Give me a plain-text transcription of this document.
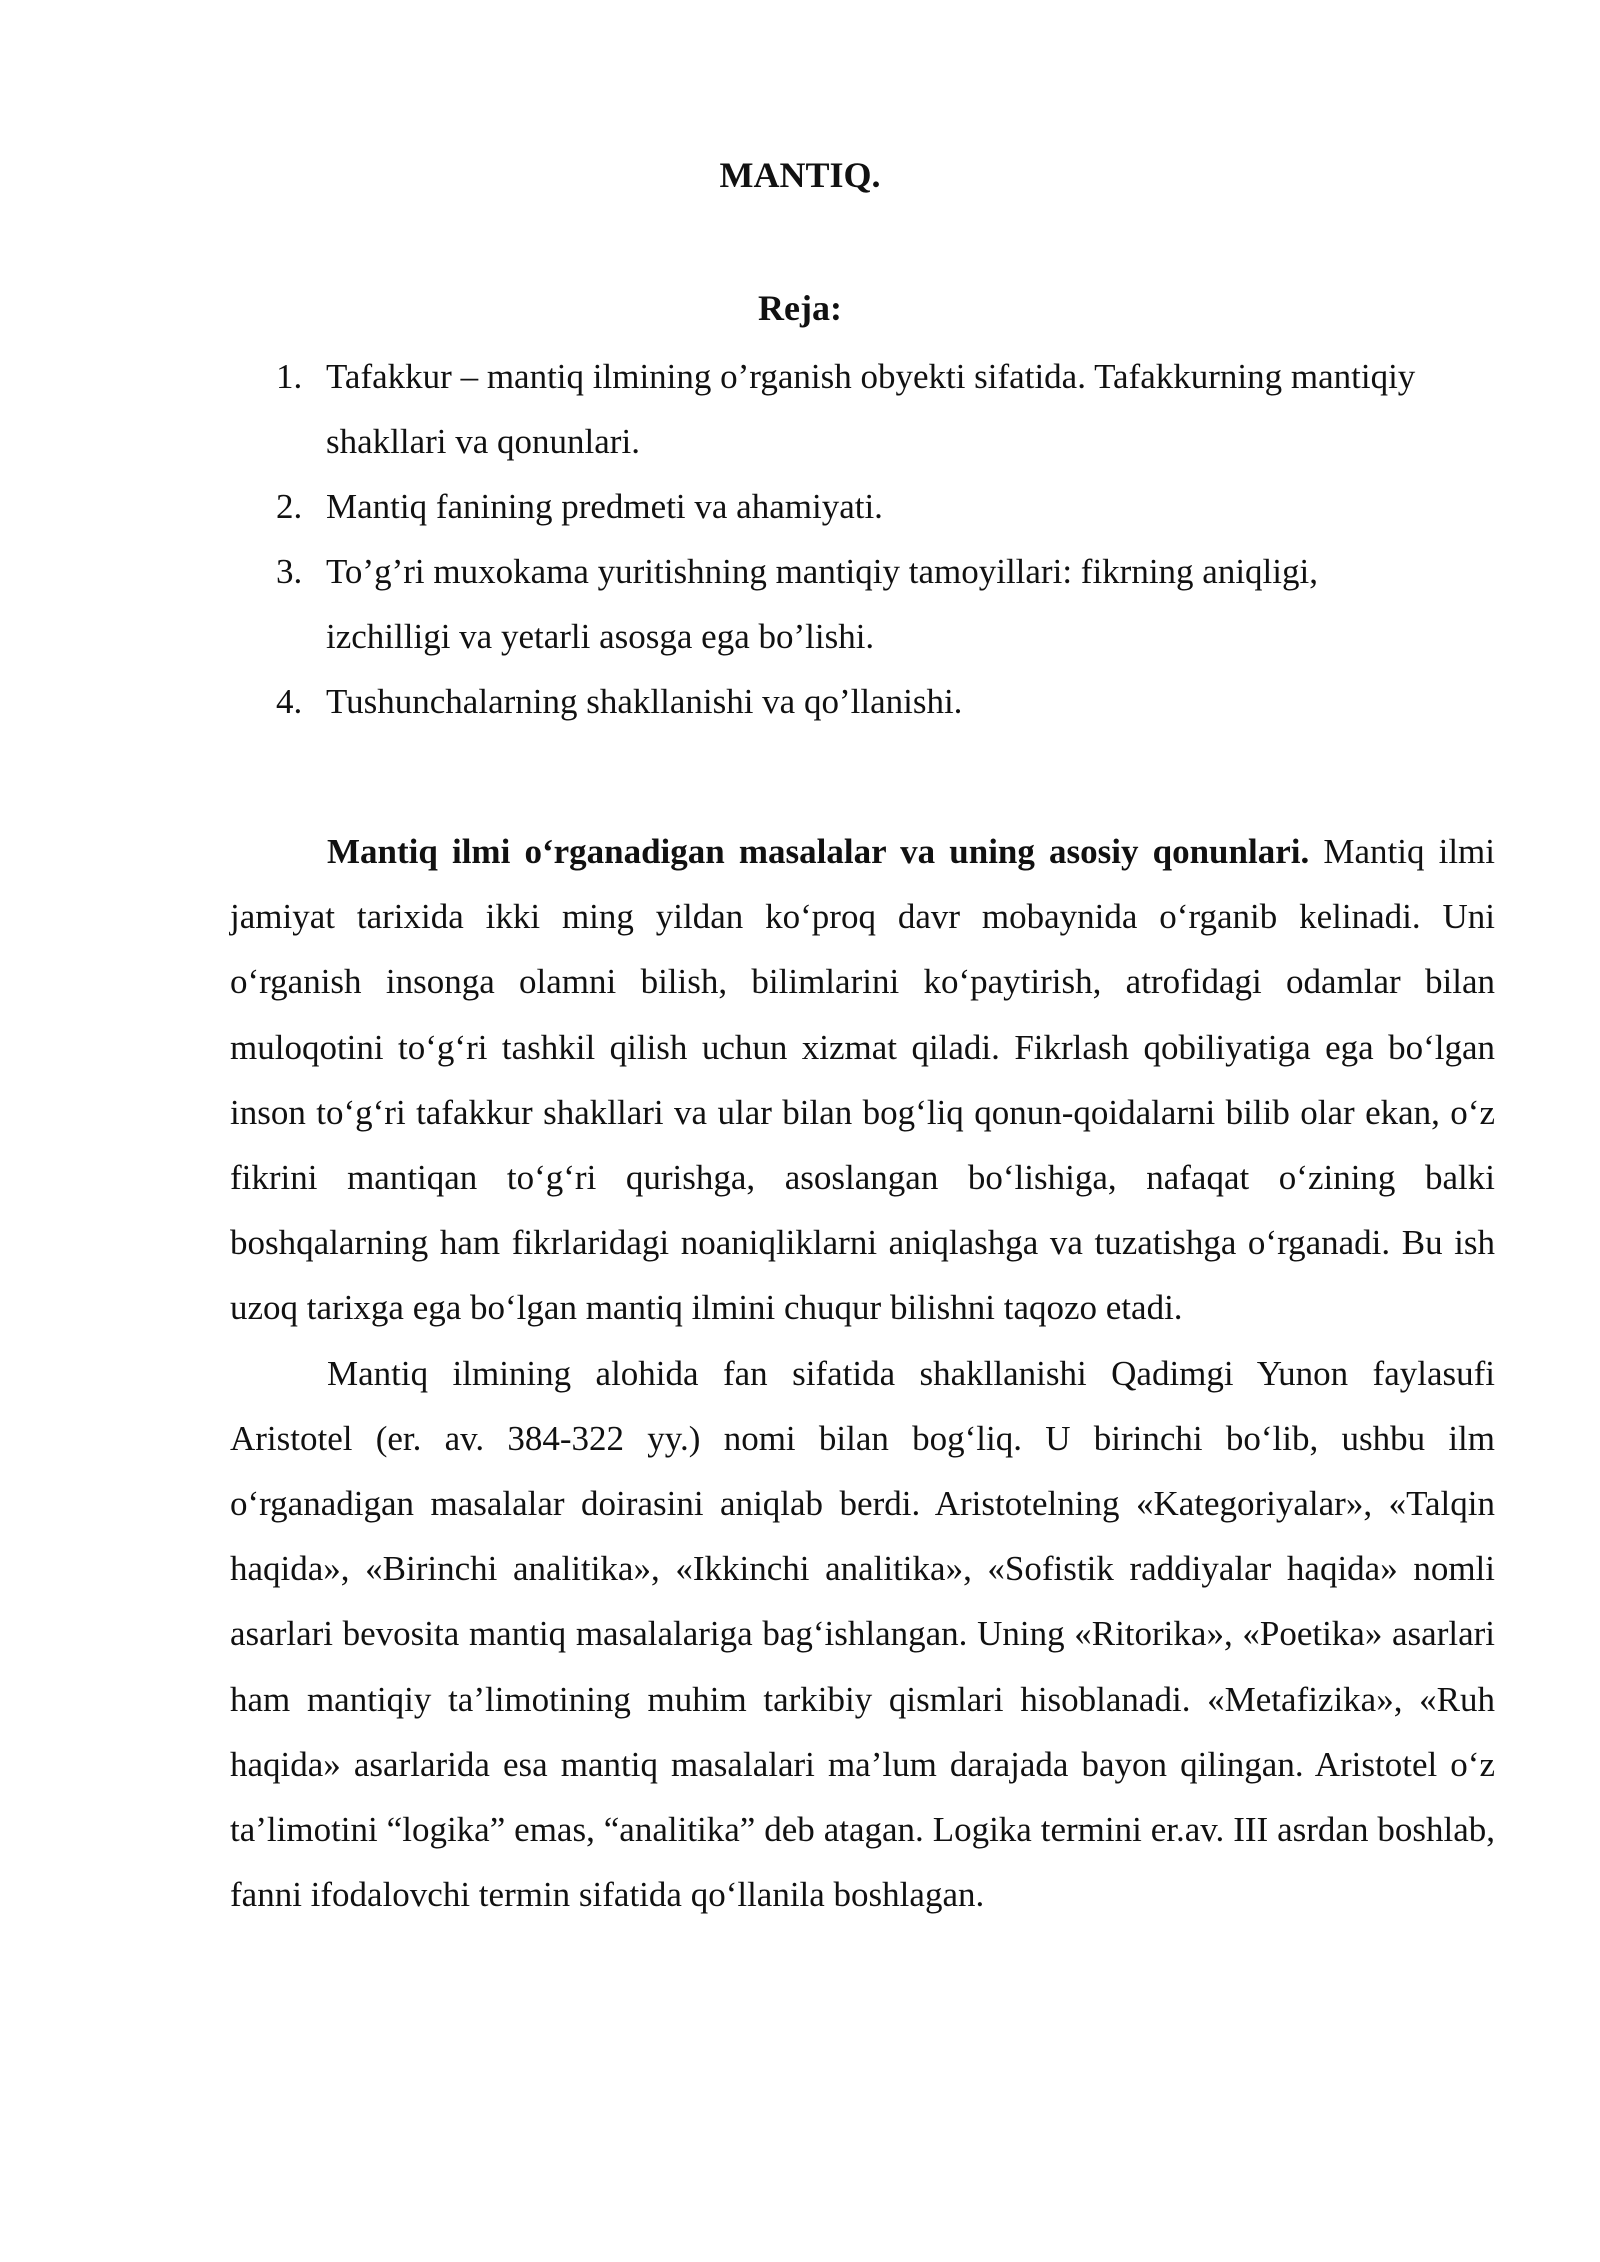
MANTIQ.
Reja:
1. Tafakkur – mantiq ilmining o’rganish obyekti sifatida. Tafakkurning mantiqiy shakllari va qonunlari.
2. Mantiq fanining predmeti va ahamiyati.
3. To’g’ri muxokama yuritishning mantiqiy tamoyillari: fikrning aniqligi, izchilligi va yetarli asosga ega bo’lishi.
4. Tushunchalarning shakllanishi va qo’llanishi.

Mantiq ilmi o‘rganadigan masalalar va uning asosiy qonunlari. Mantiq ilmi jamiyat tarixida ikki ming yildan ko‘proq davr mobaynida o‘rganib kelinadi. Uni o‘rganish insonga olamni bilish, bilimlarini ko‘paytirish, atrofidagi odamlar bilan muloqotini to‘g‘ri tashkil qilish uchun xizmat qiladi. Fikrlash qobiliyatiga ega bo‘lgan inson to‘g‘ri tafakkur shakllari va ular bilan bog‘liq qonun-qoidalarni bilib olar ekan, o‘z fikrini mantiqan to‘g‘ri qurishga, asoslangan bo‘lishiga, nafaqat o‘zining balki boshqalarning ham fikrlaridagi noaniqliklarni aniqlashga va tuzatishga o‘rganadi. Bu ish uzoq tarixga ega bo‘lgan mantiq ilmini chuqur bilishni taqozo etadi.

Mantiq ilmining alohida fan sifatida shakllanishi Qadimgi Yunon faylasufi Aristotel (er. av. 384-322 yy.) nomi bilan bog‘liq. U birinchi bo‘lib, ushbu ilm o‘rganadigan masalalar doirasini aniqlab berdi. Aristotelning «Kategoriyalar», «Talqin haqida», «Birinchi analitika», «Ikkinchi analitika», «Sofistik raddiyalar haqida» nomli asarlari bevosita mantiq masalalariga bag‘ishlangan. Uning «Ritorika», «Poetika» asarlari ham mantiqiy ta’limotining muhim tarkibiy qismlari hisoblanadi. «Metafizika», «Ruh haqida» asarlarida esa mantiq masalalari ma’lum darajada bayon qilingan. Aristotel o‘z ta’limotini “logika” emas, “analitika” deb atagan. Logika termini er.av. III asrdan boshlab, fanni ifodalovchi termin sifatida qo‘llanila boshlagan.
